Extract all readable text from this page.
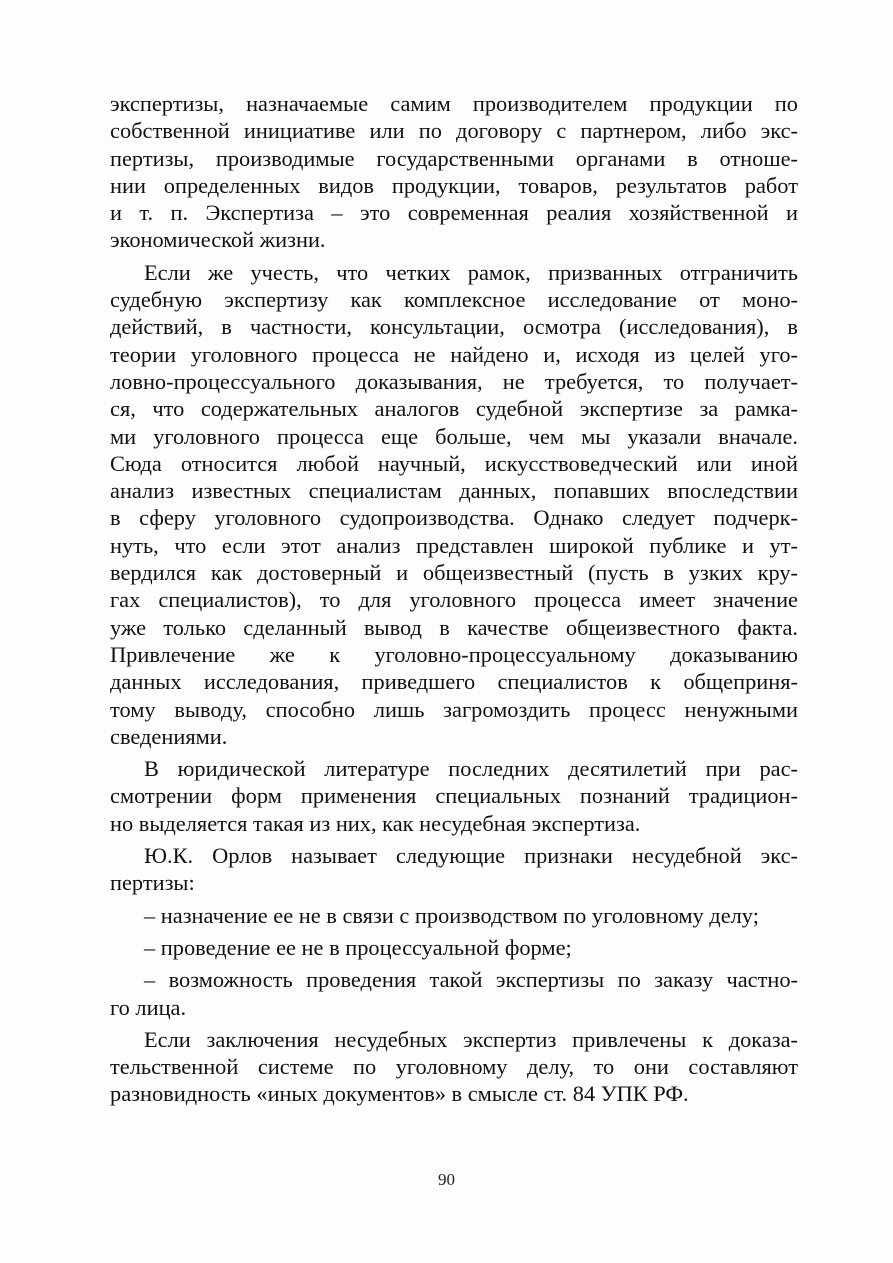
экспертизы, назначаемые самим производителем продукции по
собственной инициативе или по договору с партнером, либо экс-
пертизы, производимые государственными органами в отноше-
нии определенных видов продукции, товаров, результатов работ
и т. п. Экспертиза – это современная реалия хозяйственной и
экономической жизни.
Если же учесть, что четких рамок, призванных отграничить
судебную экспертизу как комплексное исследование от моно-
действий, в частности, консультации, осмотра (исследования), в
теории уголовного процесса не найдено и, исходя из целей уго-
ловно-процессуального доказывания, не требуется, то получает-
ся, что содержательных аналогов судебной экспертизе за рамка-
ми уголовного процесса еще больше, чем мы указали вначале.
Сюда относится любой научный, искусствоведческий или иной
анализ известных специалистам данных, попавших впоследствии
в сферу уголовного судопроизводства. Однако следует подчерк-
нуть, что если этот анализ представлен широкой публике и ут-
вердился как достоверный и общеизвестный (пусть в узких кру-
гах специалистов), то для уголовного процесса имеет значение
уже только сделанный вывод в качестве общеизвестного факта.
Привлечение же к уголовно-процессуальному доказыванию
данных исследования, приведшего специалистов к общеприня-
тому выводу, способно лишь загромоздить процесс ненужными
сведениями.
В юридической литературе последних десятилетий при рас-
смотрении форм применения специальных познаний традицион-
но выделяется такая из них, как несудебная экспертиза.
Ю.К. Орлов называет следующие признаки несудебной экс-
пертизы:
– назначение ее не в связи с производством по уголовному делу;
– проведение ее не в процессуальной форме;
– возможность проведения такой экспертизы по заказу частно-
го лица.
Если заключения несудебных экспертиз привлечены к доказа-
тельственной системе по уголовному делу, то они составляют
разновидность «иных документов» в смысле ст. 84 УПК РФ.
90
